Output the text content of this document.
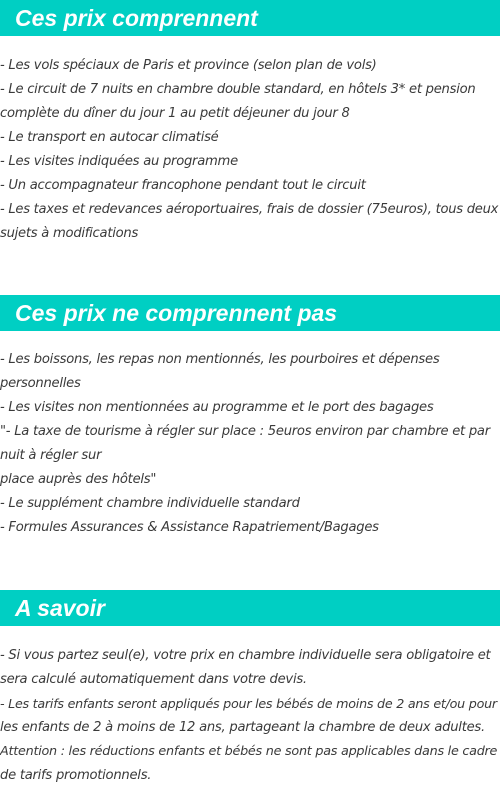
Ces prix comprennent
- Les vols spéciaux de Paris et province (selon plan de vols)
- Le circuit de 7 nuits en chambre double standard, en hôtels 3* et pension
complète du dîner du jour 1 au petit déjeuner du jour 8
- Le transport en autocar climatisé
- Les visites indiquées au programme
- Un accompagnateur francophone pendant tout le circuit
- Les taxes et redevances aéroportuaires, frais de dossier (75euros), tous deux
sujets à modifications
Ces prix ne comprennent pas
- Les boissons, les repas non mentionnés, les pourboires et dépenses
personnelles
- Les visites non mentionnées au programme et le port des bagages
"- La taxe de tourisme à régler sur place : 5euros environ par chambre et par
nuit à régler sur
place auprès des hôtels"
- Le supplément chambre individuelle standard
- Formules Assurances & Assistance Rapatriement/Bagages
A savoir
- Si vous partez seul(e), votre prix en chambre individuelle sera obligatoire et
sera calculé automatiquement dans votre devis.
- Les tarifs enfants seront appliqués pour les bébés de moins de 2 ans et/ou pour
les enfants de 2 à moins de 12 ans, partageant la chambre de deux adultes.
Attention : les réductions enfants et bébés ne sont pas applicables dans le cadre
de tarifs promotionnels.
